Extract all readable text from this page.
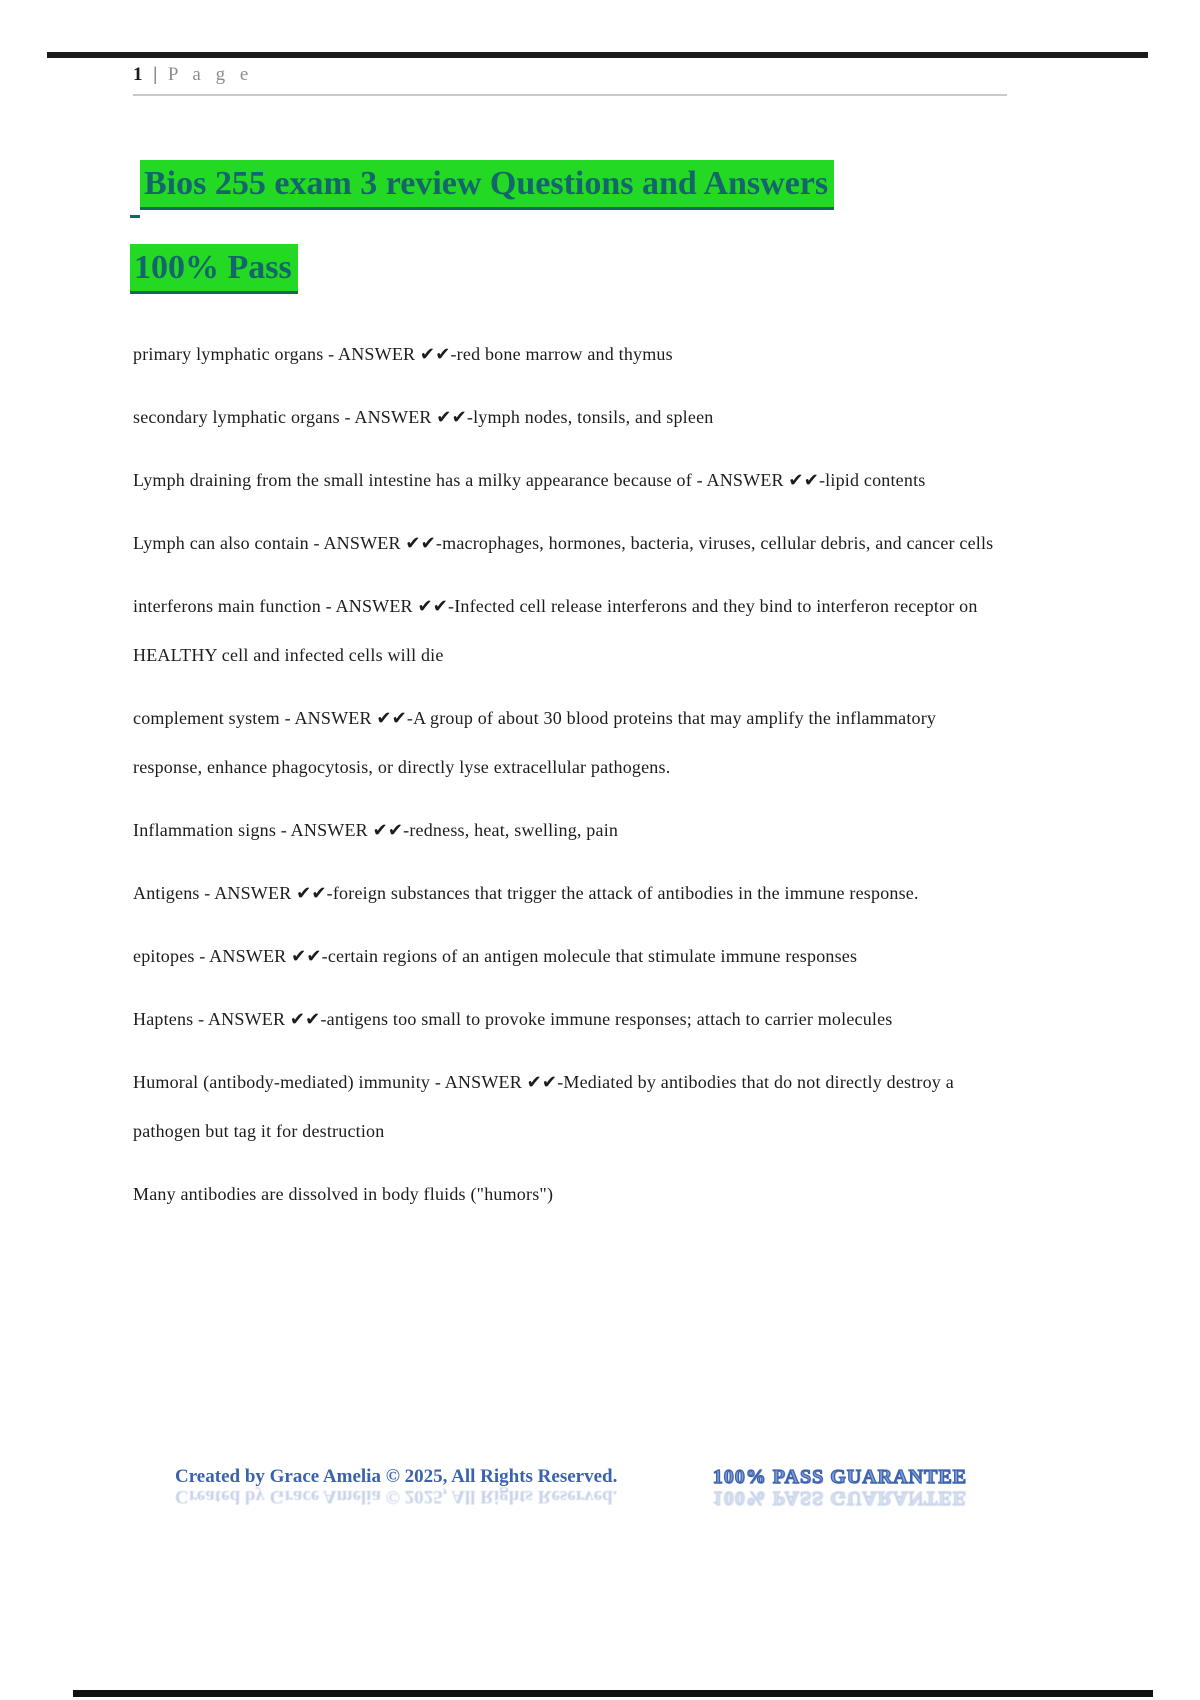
1 | P a g e
Bios 255 exam 3 review Questions and Answers
100% Pass

primary lymphatic organs - ANSWER ✔✔-red bone marrow and thymus

secondary lymphatic organs - ANSWER ✔✔-lymph nodes, tonsils, and spleen

Lymph draining from the small intestine has a milky appearance because of - ANSWER ✔✔-lipid contents

Lymph can also contain - ANSWER ✔✔-macrophages, hormones, bacteria, viruses, cellular debris, and cancer cells

interferons main function - ANSWER ✔✔-Infected cell release interferons and they bind to interferon receptor on HEALTHY cell and infected cells will die

complement system - ANSWER ✔✔-A group of about 30 blood proteins that may amplify the inflammatory response, enhance phagocytosis, or directly lyse extracellular pathogens.

Inflammation signs - ANSWER ✔✔-redness, heat, swelling, pain

Antigens - ANSWER ✔✔-foreign substances that trigger the attack of antibodies in the immune response.

epitopes - ANSWER ✔✔-certain regions of an antigen molecule that stimulate immune responses

Haptens - ANSWER ✔✔-antigens too small to provoke immune responses; attach to carrier molecules

Humoral (antibody-mediated) immunity - ANSWER ✔✔-Mediated by antibodies that do not directly destroy a pathogen but tag it for destruction

Many antibodies are dissolved in body fluids ("humors")

Created by Grace Amelia © 2025, All Rights Reserved.
Created by Grace Amelia © 2025, All Rights Reserved.
100% PASS GUARANTEE
100% PASS GUARANTEE
